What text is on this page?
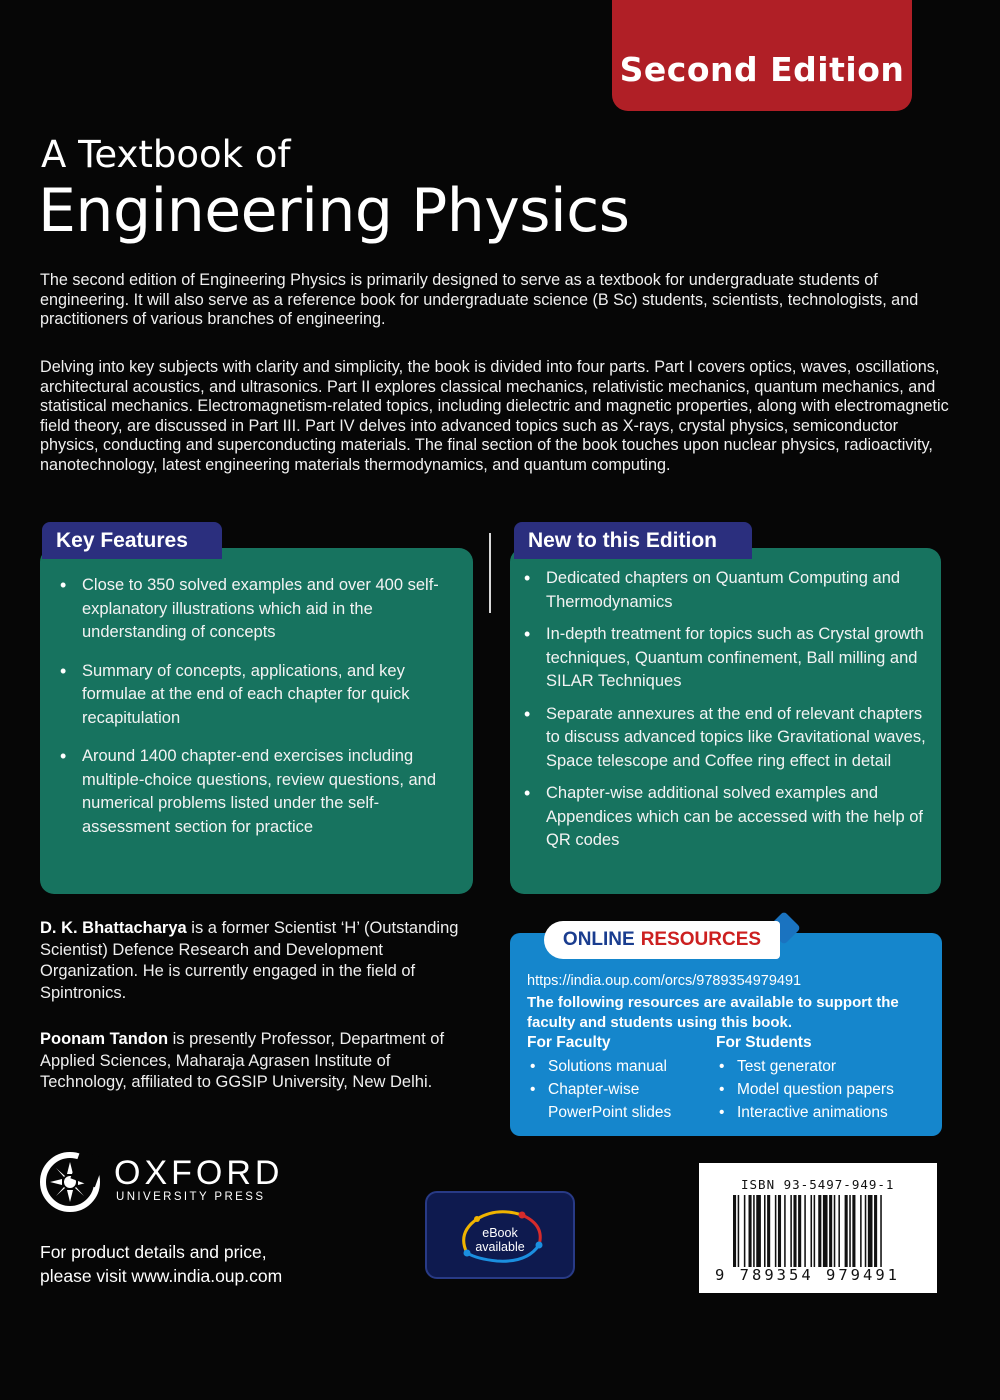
Second Edition
A Textbook of
Engineering Physics

The second edition of Engineering Physics is primarily designed to serve as a textbook for undergraduate students of engineering. It will also serve as a reference book for undergraduate science (B Sc) students, scientists, technologists, and practitioners of various branches of engineering.

Delving into key subjects with clarity and simplicity, the book is divided into four parts. Part I covers optics, waves, oscillations, architectural acoustics, and ultrasonics. Part II explores classical mechanics, relativistic mechanics, quantum mechanics, and statistical mechanics. Electromagnetism-related topics, including dielectric and magnetic properties, along with electromagnetic field theory, are discussed in Part III. Part IV delves into advanced topics such as X-rays, crystal physics, semiconductor physics, conducting and superconducting materials. The final section of the book touches upon nuclear physics, radioactivity, nanotechnology, latest engineering materials thermodynamics, and quantum computing.

Key Features
• Close to 350 solved examples and over 400 self-explanatory illustrations which aid in the understanding of concepts
• Summary of concepts, applications, and key formulae at the end of each chapter for quick recapitulation
• Around 1400 chapter-end exercises including multiple-choice questions, review questions, and numerical problems listed under the self-assessment section for practice
New to this Edition
• Dedicated chapters on Quantum Computing and Thermodynamics
• In-depth treatment for topics such as Crystal growth techniques, Quantum confinement, Ball milling and SILAR Techniques
• Separate annexures at the end of relevant chapters to discuss advanced topics like Gravitational waves, Space telescope and Coffee ring effect in detail
• Chapter-wise additional solved examples and Appendices which can be accessed with the help of QR codes

D. K. Bhattacharya is a former Scientist ‘H’ (Outstanding Scientist) Defence Research and Development Organization. He is currently engaged in the field of Spintronics.

Poonam Tandon is presently Professor, Department of Applied Sciences, Maharaja Agrasen Institute of Technology, affiliated to GGSIP University, New Delhi.

ONLINE RESOURCES
https://india.oup.com/orcs/9789354979491
The following resources are available to support the faculty and students using this book.
For Faculty
• Solutions manual
• Chapter-wise PowerPoint slides
For Students
• Test generator
• Model question papers
• Interactive animations
OXFORD
UNIVERSITY PRESS
For product details and price,
please visit www.india.oup.com
eBook
available
ISBN 93-5497-949-1
9 789354 979491
